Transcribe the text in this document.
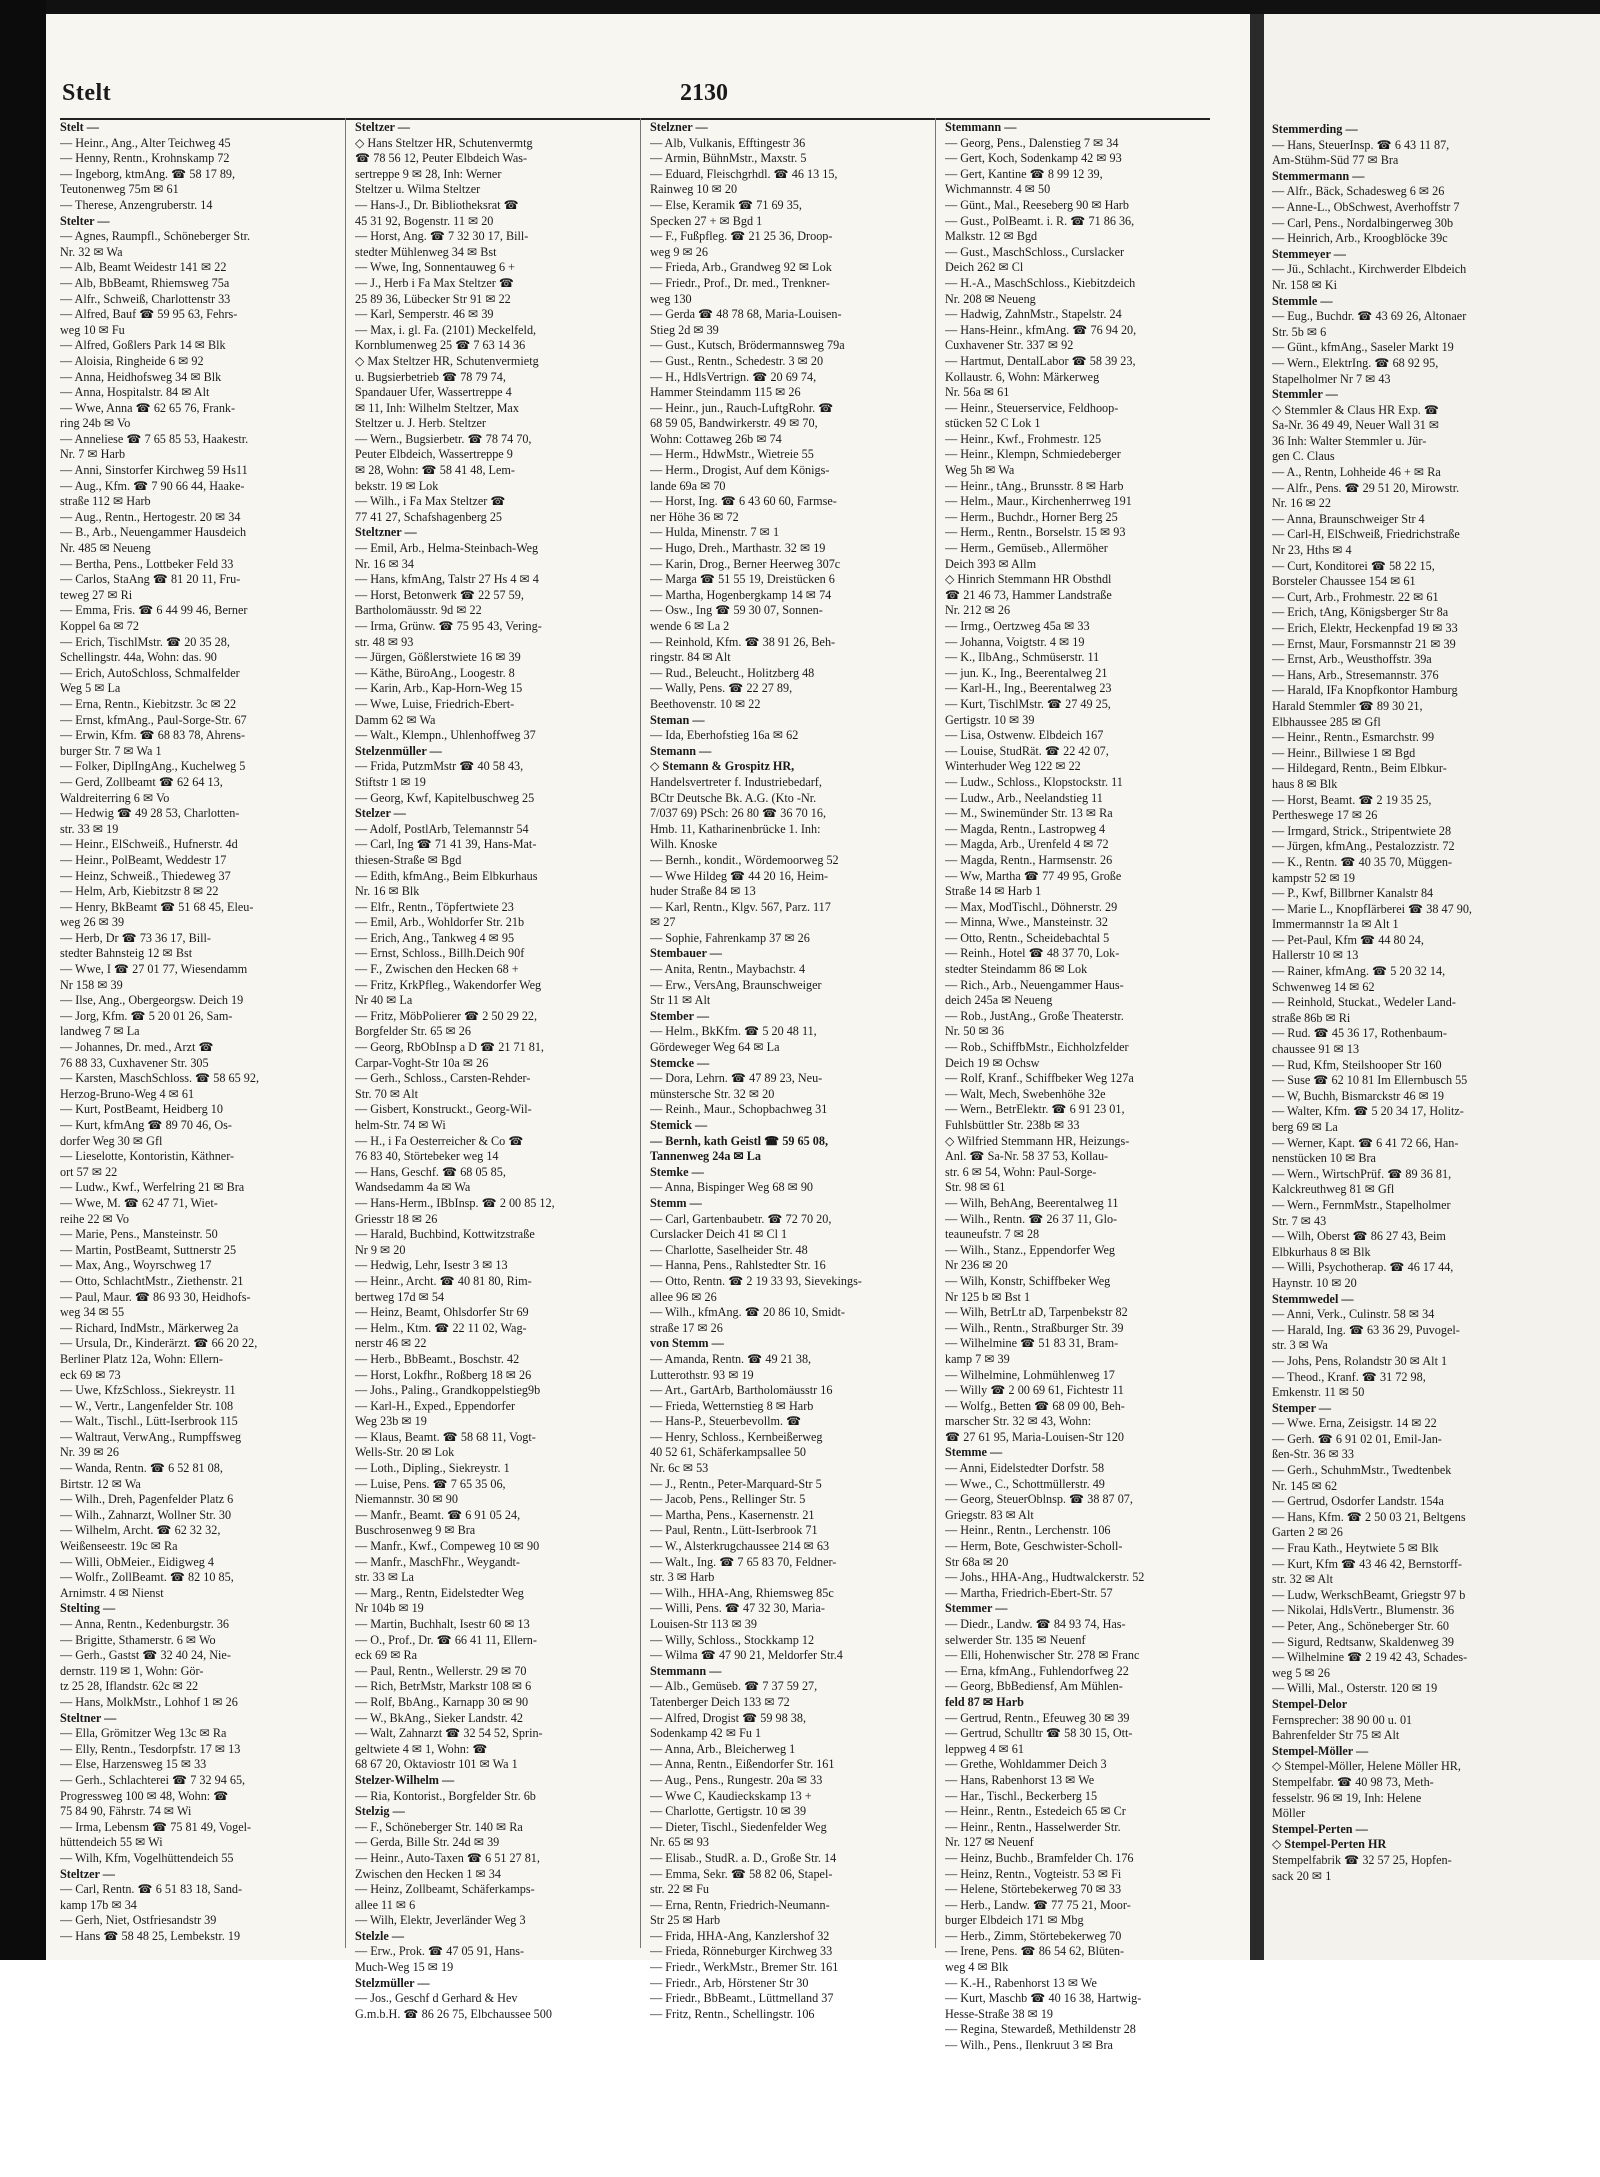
Stemmerding —
— Hans, SteuerInsp. ☎ 6 43 11 87,
Am-Stühm-Süd 77 ✉ Bra
Stemmermann —
— Alfr., Bäck, Schadesweg 6 ✉ 26
— Anne-L., ObSchwest, Averhoffstr 7
— Carl, Pens., Nordalbingerweg 30b
— Heinrich, Arb., Kroogblöcke 39c
Stemmeyer —
— Jü., Schlacht., Kirchwerder Elbdeich
Nr. 158 ✉ Ki
Stemmle —
— Eug., Buchdr. ☎ 43 69 26, Altonaer
Str. 5b ✉ 6
— Günt., kfmAng., Saseler Markt 19
— Wern., ElektrIng. ☎ 68 92 95,
Stapelholmer Nr 7 ✉ 43
Stemmler —
◇ Stemmler & Claus HR Exp. ☎
Sa-Nr. 36 49 49, Neuer Wall 31 ✉
36 Inh: Walter Stemmler u. Jür-
gen C. Claus
— A., Rentn, Lohheide 46 + ✉ Ra
— Alfr., Pens. ☎ 29 51 20, Mirowstr.
Nr. 16 ✉ 22
— Anna, Braunschweiger Str 4
— Carl-H, ElSchweiß, Friedrichstraße
Nr 23, Hths ✉ 4
— Curt, Konditorei ☎ 58 22 15,
Borsteler Chaussee 154 ✉ 61
— Curt, Arb., Frohmestr. 22 ✉ 61
— Erich, tAng, Königsberger Str 8a
— Erich, Elektr, Heckenpfad 19 ✉ 33
— Ernst, Maur, Forsmannstr 21 ✉ 39
— Ernst, Arb., Weusthoffstr. 39a
— Hans, Arb., Stresemannstr. 376
— Harald, IFa Knopfkontor Hamburg
Harald Stemmler ☎ 89 30 21,
Elbhaussee 285 ✉ Gfl
— Heinr., Rentn., Esmarchstr. 99
— Heinr., Billwiese 1 ✉ Bgd
— Hildegard, Rentn., Beim Elbkur-
haus 8 ✉ Blk
— Horst, Beamt. ☎ 2 19 35 25,
Pertheswege 17 ✉ 26
— Irmgard, Strick., Stripentwiete 28
— Jürgen, kfmAng., Pestalozzistr. 72
— K., Rentn. ☎ 40 35 70, Müggen-
kampstr 52 ✉ 19
— P., Kwf, Billbrner Kanalstr 84
— Marie L., KnopfIärberei ☎ 38 47 90,
Immermannstr 1a ✉ Alt 1
— Pet-Paul, Kfm ☎ 44 80 24,
Hallerstr 10 ✉ 13
— Rainer, kfmAng. ☎ 5 20 32 14,
Schwenweg 14 ✉ 62
— Reinhold, Stuckat., Wedeler Land-
straße 86b ✉ Ri
— Rud. ☎ 45 36 17, Rothenbaum-
chaussee 91 ✉ 13
— Rud, Kfm, Steilshooper Str 160
— Suse ☎ 62 10 81 Im Ellernbusch 55
— W, Buchh, Bismarckstr 46 ✉ 19
— Walter, Kfm. ☎ 5 20 34 17, Holitz-
berg 69 ✉ La
— Werner, Kapt. ☎ 6 41 72 66, Han-
nenstücken 10 ✉ Bra
— Wern., WirtschPrüf. ☎ 89 36 81,
Kalckreuthweg 81 ✉ Gfl
— Wern., FernmMstr., Stapelholmer
Str. 7 ✉ 43
— Wilh, Oberst ☎ 86 27 43, Beim
Elbkurhaus 8 ✉ Blk
— Willi, Psychotherap. ☎ 46 17 44,
Haynstr. 10 ✉ 20
Stemmwedel —
— Anni, Verk., Culinstr. 58 ✉ 34
— Harald, Ing. ☎ 63 36 29, Puvogel-
str. 3 ✉ Wa
— Johs, Pens, Rolandstr 30 ✉ Alt 1
— Theod., Kranf. ☎ 31 72 98,
Emkenstr. 11 ✉ 50
Stemper —
— Wwe. Erna, Zeisigstr. 14 ✉ 22
— Gerh. ☎ 6 91 02 01, Emil-Jan-
ßen-Str. 36 ✉ 33
— Gerh., SchuhmMstr., Twedtenbek
Nr. 145 ✉ 62
— Gertrud, Osdorfer Landstr. 154a
— Hans, Kfm. ☎ 2 50 03 21, Beltgens
Garten 2 ✉ 26
— Frau Kath., Heytwiete 5 ✉ Blk
— Kurt, Kfm ☎ 43 46 42, Bernstorff-
str. 32 ✉ Alt
— Ludw, WerkschBeamt, Griegstr 97 b
— Nikolai, HdlsVertr., Blumenstr. 36
— Peter, Ang., Schöneberger Str. 60
— Sigurd, Redtsanw, Skaldenweg 39
— Wilhelmine ☎ 2 19 42 43, Schades-
weg 5 ✉ 26
— Willi, Mal., Osterstr. 120 ✉ 19
Stempel-Delor
Fernsprecher: 38 90 00 u. 01
Bahrenfelder Str 75 ✉ Alt
Stempel-Möller —
◇ Stempel-Möller, Helene Möller HR,
Stempelfabr. ☎ 40 98 73, Meth-
fesselstr. 96 ✉ 19, Inh: Helene
Möller
Stempel-Perten —
◇ Stempel-Perten HR
Stempelfabrik ☎ 32 57 25, Hopfen-
sack 20 ✉ 1
Stelt	2130
Stelt —
— Heinr., Ang., Alter Teichweg 45
— Henny, Rentn., Krohnskamp 72
— Ingeborg, ktmAng. ☎ 58 17 89,
Teutonenweg 75m ✉ 61
— Therese, Anzengruberstr. 14
Stelter —
— Agnes, Raumpfl., Schöneberger Str.
Nr. 32 ✉ Wa
— Alb, Beamt Weidestr 141 ✉ 22
— Alb, BbBeamt, Rhiemsweg 75a
— Alfr., Schweiß, Charlottenstr 33
— Alfred, Bauf ☎ 59 95 63, Fehrs-
weg 10 ✉ Fu
— Alfred, Goßlers Park 14 ✉ Blk
— Aloisia, Ringheide 6 ✉ 92
— Anna, Heidhofsweg 34 ✉ Blk
— Anna, Hospitalstr. 84 ✉ Alt
— Wwe, Anna ☎ 62 65 76, Frank-
ring 24b ✉ Vo
— Anneliese ☎ 7 65 85 53, Haakestr.
Nr. 7 ✉ Harb
— Anni, Sinstorfer Kirchweg 59 Hs11
— Aug., Kfm. ☎ 7 90 66 44, Haake-
straße 112 ✉ Harb
— Aug., Rentn., Hertogestr. 20 ✉ 34
— B., Arb., Neuengammer Hausdeich
Nr. 485 ✉ Neueng
— Bertha, Pens., Lottbeker Feld 33
— Carlos, StaAng ☎ 81 20 11, Fru-
teweg 27 ✉ Ri
— Emma, Fris. ☎ 6 44 99 46, Berner
Koppel 6a ✉ 72
— Erich, TischlMstr. ☎ 20 35 28,
Schellingstr. 44a, Wohn: das. 90
— Erich, AutoSchloss, Schmalfelder
Weg 5 ✉ La
— Erna, Rentn., Kiebitzstr. 3c ✉ 22
— Ernst, kfmAng., Paul-Sorge-Str. 67
— Erwin, Kfm. ☎ 68 83 78, Ahrens-
burger Str. 7 ✉ Wa 1
— Folker, DiplIngAng., Kuchelweg 5
— Gerd, Zollbeamt ☎ 62 64 13,
Waldreiterring 6 ✉ Vo
— Hedwig ☎ 49 28 53, Charlotten-
str. 33 ✉ 19
— Heinr., ElSchweiß., Hufnerstr. 4d
— Heinr., PolBeamt, Weddestr 17
— Heinz, Schweiß., Thiedeweg 37
— Helm, Arb, Kiebitzstr 8 ✉ 22
— Henry, BkBeamt ☎ 51 68 45, Eleu-
weg 26 ✉ 39
— Herb, Dr ☎ 73 36 17, Bill-
stedter Bahnsteig 12 ✉ Bst
— Wwe, I ☎ 27 01 77, Wiesendamm
Nr 158 ✉ 39
— Ilse, Ang., Obergeorgsw. Deich 19
— Jorg, Kfm. ☎ 5 20 01 26, Sam-
landweg 7 ✉ La
— Johannes, Dr. med., Arzt ☎
76 88 33, Cuxhavener Str. 305
— Karsten, MaschSchloss. ☎ 58 65 92,
Herzog-Bruno-Weg 4 ✉ 61
— Kurt, PostBeamt, Heidberg 10
— Kurt, kfmAng ☎ 89 70 46, Os-
dorfer Weg 30 ✉ Gfl
— Lieselotte, Kontoristin, Käthner-
ort 57 ✉ 22
— Ludw., Kwf., Werfelring 21 ✉ Bra
— Wwe, M. ☎ 62 47 71, Wiet-
reihe 22 ✉ Vo
— Marie, Pens., Mansteinstr. 50
— Martin, PostBeamt, Suttnerstr 25
— Max, Ang., Woyrschweg 17
— Otto, SchlachtMstr., Ziethenstr. 21
— Paul, Maur. ☎ 86 93 30, Heidhofs-
weg 34 ✉ 55
— Richard, IndMstr., Märkerweg 2a
— Ursula, Dr., Kinderärzt. ☎ 66 20 22,
Berliner Platz 12a, Wohn: Ellern-
eck 69 ✉ 73
— Uwe, KfzSchloss., Siekreystr. 11
— W., Vertr., Langenfelder Str. 108
— Walt., Tischl., Lütt-Iserbrook 115
— Waltraut, VerwAng., Rumpffsweg
Nr. 39 ✉ 26
— Wanda, Rentn. ☎ 6 52 81 08,
Birtstr. 12 ✉ Wa
— Wilh., Dreh, Pagenfelder Platz 6
— Wilh., Zahnarzt, Wollner Str. 30
— Wilhelm, Archt. ☎ 62 32 32,
Weißenseestr. 19c ✉ Ra
— Willi, ObMeier., Eidigweg 4
— Wolfr., ZollBeamt. ☎ 82 10 85,
Arnimstr. 4 ✉ Nienst
Stelting —
— Anna, Rentn., Kedenburgstr. 36
— Brigitte, Sthamerstr. 6 ✉ Wo
— Gerh., Gastst ☎ 32 40 24, Nie-
dernstr. 119 ✉ 1, Wohn: Gör-
tz 25 28, Iflandstr. 62c ✉ 22
— Hans, MolkMstr., Lohhof 1 ✉ 26
Steltner —
— Ella, Grömitzer Weg 13c ✉ Ra
— Elly, Rentn., Tesdorpfstr. 17 ✉ 13
— Else, Harzensweg 15 ✉ 33
— Gerh., Schlachterei ☎ 7 32 94 65,
Progressweg 100 ✉ 48, Wohn: ☎
75 84 90, Fährstr. 74 ✉ Wi
— Irma, Lebensm ☎ 75 81 49, Vogel-
hüttendeich 55 ✉ Wi
— Wilh, Kfm, Vogelhüttendeich 55
Steltzer —
— Carl, Rentn. ☎ 6 51 83 18, Sand-
kamp 17b ✉ 34
— Gerh, Niet, Ostfriesandstr 39
— Hans ☎ 58 48 25, Lembekstr. 19
Steltzer —
◇ Hans Steltzer HR, Schutenvermtg
☎ 78 56 12, Peuter Elbdeich Was-
sertreppe 9 ✉ 28, Inh: Werner
Steltzer u. Wilma Steltzer
— Hans-J., Dr. Bibliotheksrat ☎
45 31 92, Bogenstr. 11 ✉ 20
— Horst, Ang. ☎ 7 32 30 17, Bill-
stedter Mühlenweg 34 ✉ Bst
— Wwe, Ing, Sonnentauweg 6 +
— J., Herb i Fa Max Steltzer ☎
25 89 36, Lübecker Str 91 ✉ 22
— Karl, Semperstr. 46 ✉ 39
— Max, i. gl. Fa. (2101) Meckelfeld,
Kornblumenweg 25 ☎ 7 63 14 36
◇ Max Steltzer HR, Schutenvermietg
u. Bugsierbetrieb ☎ 78 79 74,
Spandauer Ufer, Wassertreppe 4
✉ 11, Inh: Wilhelm Steltzer, Max
Steltzer u. J. Herb. Steltzer
— Wern., Bugsierbetr. ☎ 78 74 70,
Peuter Elbdeich, Wassertreppe 9
✉ 28, Wohn: ☎ 58 41 48, Lem-
bekstr. 19 ✉ Lok
— Wilh., i Fa Max Steltzer ☎
77 41 27, Schafshagenberg 25
Steltzner —
— Emil, Arb., Helma-Steinbach-Weg
Nr. 16 ✉ 34
— Hans, kfmAng, Talstr 27 Hs 4 ✉ 4
— Horst, Betonwerk ☎ 22 57 59,
Bartholomäusstr. 9d ✉ 22
— Irma, Grünw. ☎ 75 95 43, Vering-
str. 48 ✉ 93
— Jürgen, Gößlerstwiete 16 ✉ 39
— Käthe, BüroAng., Loogestr. 8
— Karin, Arb., Kap-Horn-Weg 15
— Wwe, Luise, Friedrich-Ebert-
Damm 62 ✉ Wa
— Walt., Klempn., Uhlenhoffweg 37
Stelzenmüller —
— Frida, PutzmMstr ☎ 40 58 43,
Stiftstr 1 ✉ 19
— Georg, Kwf, Kapitelbuschweg 25
Stelzer —
— Adolf, PostlArb, Telemannstr 54
— Carl, Ing ☎ 71 41 39, Hans-Mat-
thiesen-Straße ✉ Bgd
— Edith, kfmAng., Beim Elbkurhaus
Nr. 16 ✉ Blk
— Elfr., Rentn., Töpfertwiete 23
— Emil, Arb., Wohldorfer Str. 21b
— Erich, Ang., Tankweg 4 ✉ 95
— Ernst, Schloss., Billh.Deich 90f
— F., Zwischen den Hecken 68 +
— Fritz, KrkPfleg., Wakendorfer Weg
Nr 40 ✉ La
— Fritz, MöbPolierer ☎ 2 50 29 22,
Borgfelder Str. 65 ✉ 26
— Georg, RbObInsp a D ☎ 21 71 81,
Carpar-Voght-Str 10a ✉ 26
— Gerh., Schloss., Carsten-Rehder-
Str. 70 ✉ Alt
— Gisbert, Konstruckt., Georg-Wil-
helm-Str. 74 ✉ Wi
— H., i Fa Oesterreicher & Co ☎
76 83 40, Störtebeker weg 14
— Hans, Geschf. ☎ 68 05 85,
Wandsedamm 4a ✉ Wa
— Hans-Herm., IBbInsp. ☎ 2 00 85 12,
Griesstr 18 ✉ 26
— Harald, Buchbind, Kottwitzstraße
Nr 9 ✉ 20
— Hedwig, Lehr, Isestr 3 ✉ 13
— Heinr., Archt. ☎ 40 81 80, Rim-
bertweg 17d ✉ 54
— Heinz, Beamt, Ohlsdorfer Str 69
— Helm., Ktm. ☎ 22 11 02, Wag-
nerstr 46 ✉ 22
— Herb., BbBeamt., Boschstr. 42
— Horst, Lokfhr., Roßberg 18 ✉ 26
— Johs., Paling., Grandkoppelstieg9b
— Karl-H., Exped., Eppendorfer
Weg 23b ✉ 19
— Klaus, Beamt. ☎ 58 68 11, Vogt-
Wells-Str. 20 ✉ Lok
— Loth., Dipling., Siekreystr. 1
— Luise, Pens. ☎ 7 65 35 06,
Niemannstr. 30 ✉ 90
— Manfr., Beamt. ☎ 6 91 05 24,
Buschrosenweg 9 ✉ Bra
— Manfr., Kwf., Compeweg 10 ✉ 90
— Manfr., MaschFhr., Weygandt-
str. 33 ✉ La
— Marg., Rentn, Eidelstedter Weg
Nr 104b ✉ 19
— Martin, Buchhalt, Isestr 60 ✉ 13
— O., Prof., Dr. ☎ 66 41 11, Ellern-
eck 69 ✉ Ra
— Paul, Rentn., Wellerstr. 29 ✉ 70
— Rich, BetrMstr, Markstr 108 ✉ 6
— Rolf, BbAng., Karnapp 30 ✉ 90
— W., BkAng., Sieker Landstr. 42
— Walt, Zahnarzt ☎ 32 54 52, Sprin-
geltwiete 4 ✉ 1, Wohn: ☎
68 67 20, Oktaviostr 101 ✉ Wa 1
Stelzer-Wilhelm —
— Ria, Kontorist., Borgfelder Str. 6b
Stelzig —
— F., Schöneberger Str. 140 ✉ Ra
— Gerda, Bille Str. 24d ✉ 39
— Heinr., Auto-Taxen ☎ 6 51 27 81,
Zwischen den Hecken 1 ✉ 34
— Heinz, Zollbeamt, Schäferkamps-
allee 11 ✉ 6
— Wilh, Elektr, Jeverländer Weg 3
Stelzle —
— Erw., Prok. ☎ 47 05 91, Hans-
Much-Weg 15 ✉ 19
Stelzmüller —
— Jos., Geschf d Gerhard & Hev
G.m.b.H. ☎ 86 26 75, Elbchaussee 500
Stelzner —
— Alb, Vulkanis, Efftingestr 36
— Armin, BühnMstr., Maxstr. 5
— Eduard, Fleischgrhdl. ☎ 46 13 15,
Rainweg 10 ✉ 20
— Else, Keramik ☎ 71 69 35,
Specken 27 + ✉ Bgd 1
— F., Fußpfleg. ☎ 21 25 36, Droop-
weg 9 ✉ 26
— Frieda, Arb., Grandweg 92 ✉ Lok
— Friedr., Prof., Dr. med., Trenkner-
weg 130
— Gerda ☎ 48 78 68, Maria-Louisen-
Stieg 2d ✉ 39
— Gust., Kutsch, Brödermannsweg 79a
— Gust., Rentn., Schedestr. 3 ✉ 20
— H., HdlsVertrign. ☎ 20 69 74,
Hammer Steindamm 115 ✉ 26
— Heinr., jun., Rauch-LuftgRohr. ☎
68 59 05, Bandwirkerstr. 49 ✉ 70,
Wohn: Cottaweg 26b ✉ 74
— Herm., HdwMstr., Wietreie 55
— Herm., Drogist, Auf dem Königs-
lande 69a ✉ 70
— Horst, Ing. ☎ 6 43 60 60, Farmse-
ner Höhe 36 ✉ 72
— Hulda, Minenstr. 7 ✉ 1
— Hugo, Dreh., Marthastr. 32 ✉ 19
— Karin, Drog., Berner Heerweg 307c
— Marga ☎ 51 55 19, Dreistücken 6
— Martha, Hogenbergkamp 14 ✉ 74
— Osw., Ing ☎ 59 30 07, Sonnen-
wende 6 ✉ La 2
— Reinhold, Kfm. ☎ 38 91 26, Beh-
ringstr. 84 ✉ Alt
— Rud., Beleucht., Holitzberg 48
— Wally, Pens. ☎ 22 27 89,
Beethovenstr. 10 ✉ 22
Steman —
— Ida, Eberhofstieg 16a ✉ 62
Stemann —
◇ Stemann & Grospitz HR,
Handelsvertreter f. Industriebedarf,
BCtr Deutsche Bk. A.G. (Kto -Nr.
7/037 69) PSch: 26 80 ☎ 36 70 16,
Hmb. 11, Katharinenbrücke 1. Inh:
Wilh. Knoske
— Bernh., kondit., Wördemoorweg 52
— Wwe Hildeg ☎ 44 20 16, Heim-
huder Straße 84 ✉ 13
— Karl, Rentn., Klgv. 567, Parz. 117
✉ 27
— Sophie, Fahrenkamp 37 ✉ 26
Stembauer —
— Anita, Rentn., Maybachstr. 4
— Erw., VersAng, Braunschweiger
Str 11 ✉ Alt
Stember —
— Helm., BkKfm. ☎ 5 20 48 11,
Gördeweger Weg 64 ✉ La
Stemcke —
— Dora, Lehrn. ☎ 47 89 23, Neu-
münstersche Str. 32 ✉ 20
— Reinh., Maur., Schopbachweg 31
Stemick —
— Bernh, kath Geistl ☎ 59 65 08,
Tannenweg 24a ✉ La
Stemke —
— Anna, Bispinger Weg 68 ✉ 90
Stemm —
— Carl, Gartenbaubetr. ☎ 72 70 20,
Curslacker Deich 41 ✉ Cl 1
— Charlotte, Saselheider Str. 48
— Hanna, Pens., Rahlstedter Str. 16
— Otto, Rentn. ☎ 2 19 33 93, Sievekings-
allee 96 ✉ 26
— Wilh., kfmAng. ☎ 20 86 10, Smidt-
straße 17 ✉ 26
von Stemm —
— Amanda, Rentn. ☎ 49 21 38,
Lutterothstr. 93 ✉ 19
— Art., GartArb, Bartholomäusstr 16
— Frieda, Wetternstieg 8 ✉ Harb
— Hans-P., Steuerbevollm. ☎
— Henry, Schloss., Kernbeißerweg
40 52 61, Schäferkampsallee 50
Nr. 6c ✉ 53
— J., Rentn., Peter-Marquard-Str 5
— Jacob, Pens., Rellinger Str. 5
— Martha, Pens., Kasernenstr. 21
— Paul, Rentn., Lütt-Iserbrook 71
— W., Alsterkrugchaussee 214 ✉ 63
— Walt., Ing. ☎ 7 65 83 70, Feldner-
str. 3 ✉ Harb
— Wilh., HHA-Ang, Rhiemsweg 85c
— Willi, Pens. ☎ 47 32 30, Maria-
Louisen-Str 113 ✉ 39
— Willy, Schloss., Stockkamp 12
— Wilma ☎ 47 90 21, Meldorfer Str.4
Stemmann —
— Alb., Gemüseb. ☎ 7 37 59 27,
Tatenberger Deich 133 ✉ 72
— Alfred, Drogist ☎ 59 98 38,
Sodenkamp 42 ✉ Fu 1
— Anna, Arb., Bleicherweg 1
— Anna, Rentn., Eißendorfer Str. 161
— Aug., Pens., Rungestr. 20a ✉ 33
— Wwe C, Kaudieckskamp 13 +
— Charlotte, Gertigstr. 10 ✉ 39
— Dieter, Tischl., Siedenfelder Weg
Nr. 65 ✉ 93
— Elisab., StudR. a. D., Große Str. 14
— Emma, Sekr. ☎ 58 82 06, Stapel-
str. 22 ✉ Fu
— Erna, Rentn, Friedrich-Neumann-
Str 25 ✉ Harb
— Frida, HHA-Ang, Kanzlershof 32
— Frieda, Rönneburger Kirchweg 33
— Friedr., WerkMstr., Bremer Str. 161
— Friedr., Arb, Hörstener Str 30
— Friedr., BbBeamt., Lüttmelland 37
— Fritz, Rentn., Schellingstr. 106
Stemmann —
— Georg, Pens., Dalenstieg 7 ✉ 34
— Gert, Koch, Sodenkamp 42 ✉ 93
— Gert, Kantine ☎ 8 99 12 39,
Wichmannstr. 4 ✉ 50
— Günt., Mal., Reeseberg 90 ✉ Harb
— Gust., PolBeamt. i. R. ☎ 71 86 36,
Malkstr. 12 ✉ Bgd
— Gust., MaschSchloss., Curslacker
Deich 262 ✉ Cl
— H.-A., MaschSchloss., Kiebitzdeich
Nr. 208 ✉ Neueng
— Hadwig, ZahnMstr., Stapelstr. 24
— Hans-Heinr., kfmAng. ☎ 76 94 20,
Cuxhavener Str. 337 ✉ 92
— Hartmut, DentalLabor ☎ 58 39 23,
Kollaustr. 6, Wohn: Märkerweg
Nr. 56a ✉ 61
— Heinr., Steuerservice, Feldhoop-
stücken 52 C Lok 1
— Heinr., Kwf., Frohmestr. 125
— Heinr., Klempn, Schmiedeberger
Weg 5h ✉ Wa
— Heinr., tAng., Brunsstr. 8 ✉ Harb
— Helm., Maur., Kirchenherrweg 191
— Herm., Buchdr., Horner Berg 25
— Herm., Rentn., Borselstr. 15 ✉ 93
— Herm., Gemüseb., Allermöher
Deich 393 ✉ Allm
◇ Hinrich Stemmann HR Obsthdl
☎ 21 46 73, Hammer Landstraße
Nr. 212 ✉ 26
— Irmg., Oertzweg 45a ✉ 33
— Johanna, Voigtstr. 4 ✉ 19
— K., IlbAng., Schmüserstr. 11
— jun. K., Ing., Beerentalweg 21
— Karl-H., Ing., Beerentalweg 23
— Kurt, TischlMstr. ☎ 27 49 25,
Gertigstr. 10 ✉ 39
— Lisa, Ostwenw. Elbdeich 167
— Louise, StudRät. ☎ 22 42 07,
Winterhuder Weg 122 ✉ 22
— Ludw., Schloss., Klopstockstr. 11
— Ludw., Arb., Neelandstieg 11
— M., Swinemünder Str. 13 ✉ Ra
— Magda, Rentn., Lastropweg 4
— Magda, Arb., Urenfeld 4 ✉ 72
— Magda, Rentn., Harmsenstr. 26
— Ww, Martha ☎ 77 49 95, Große
Straße 14 ✉ Harb 1
— Max, ModTischl., Döhnerstr. 29
— Minna, Wwe., Mansteinstr. 32
— Otto, Rentn., Scheidebachtal 5
— Reinh., Hotel ☎ 48 37 70, Lok-
stedter Steindamm 86 ✉ Lok
— Rich., Arb., Neuengammer Haus-
deich 245a ✉ Neueng
— Rob., JustAng., Große Theaterstr.
Nr. 50 ✉ 36
— Rob., SchiffbMstr., Eichholzfelder
Deich 19 ✉ Ochsw
— Rolf, Kranf., Schiffbeker Weg 127a
— Walt, Mech, Swebenhöhe 32e
— Wern., BetrElektr. ☎ 6 91 23 01,
Fuhlsbüttler Str. 238b ✉ 33
◇ Wilfried Stemmann HR, Heizungs-
Anl. ☎ Sa-Nr. 58 37 53, Kollau-
str. 6 ✉ 54, Wohn: Paul-Sorge-
Str. 98 ✉ 61
— Wilh, BehAng, Beerentalweg 11
— Wilh., Rentn. ☎ 26 37 11, Glo-
teauneufstr. 7 ✉ 28
— Wilh., Stanz., Eppendorfer Weg
Nr 236 ✉ 20
— Wilh, Konstr, Schiffbeker Weg
Nr 125 b ✉ Bst 1
— Wilh, BetrLtr aD, Tarpenbekstr 82
— Wilh., Rentn., Straßburger Str. 39
— Wilhelmine ☎ 51 83 31, Bram-
kamp 7 ✉ 39
— Wilhelmine, Lohmühlenweg 17
— Willy ☎ 2 00 69 61, Fichtestr 11
— Wolfg., Betten ☎ 68 09 00, Beh-
marscher Str. 32 ✉ 43, Wohn:
☎ 27 61 95, Maria-Louisen-Str 120
Stemme —
— Anni, Eidelstedter Dorfstr. 58
— Wwe., C., Schottmüllerstr. 49
— Georg, SteuerOblnsp. ☎ 38 87 07,
Griegstr. 83 ✉ Alt
— Heinr., Rentn., Lerchenstr. 106
— Herm, Bote, Geschwister-Scholl-
Str 68a ✉ 20
— Johs., HHA-Ang., Hudtwalckerstr. 52
— Martha, Friedrich-Ebert-Str. 57
Stemmer —
— Diedr., Landw. ☎ 84 93 74, Has-
selwerder Str. 135 ✉ Neuenf
— Elli, Hohenwischer Str. 278 ✉ Franc
— Erna, kfmAng., Fuhlendorfweg 22
— Georg, BbBediensf, Am Mühlen-
feld 87 ✉ Harb
— Gertrud, Rentn., Efeuweg 30 ✉ 39
— Gertrud, Schulltr ☎ 58 30 15, Ott-
leppweg 4 ✉ 61
— Grethe, Wohldammer Deich 3
— Hans, Rabenhorst 13 ✉ We
— Har., Tischl., Beckerberg 15
— Heinr., Rentn., Estedeich 65 ✉ Cr
— Heinr., Rentn., Hasselwerder Str.
Nr. 127 ✉ Neuenf
— Heinz, Buchb., Bramfelder Ch. 176
— Heinz, Rentn., Vogteistr. 53 ✉ Fi
— Helene, Störtebekerweg 70 ✉ 33
— Herb., Landw. ☎ 77 75 21, Moor-
burger Elbdeich 171 ✉ Mbg
— Herb., Zimm, Störtebekerweg 70
— Irene, Pens. ☎ 86 54 62, Blüten-
weg 4 ✉ Blk
— K.-H., Rabenhorst 13 ✉ We
— Kurt, Maschb ☎ 40 16 38, Hartwig-
Hesse-Straße 38 ✉ 19
— Regina, Stewardeß, Methildenstr 28
— Wilh., Pens., Ilenkruut 3 ✉ Bra
